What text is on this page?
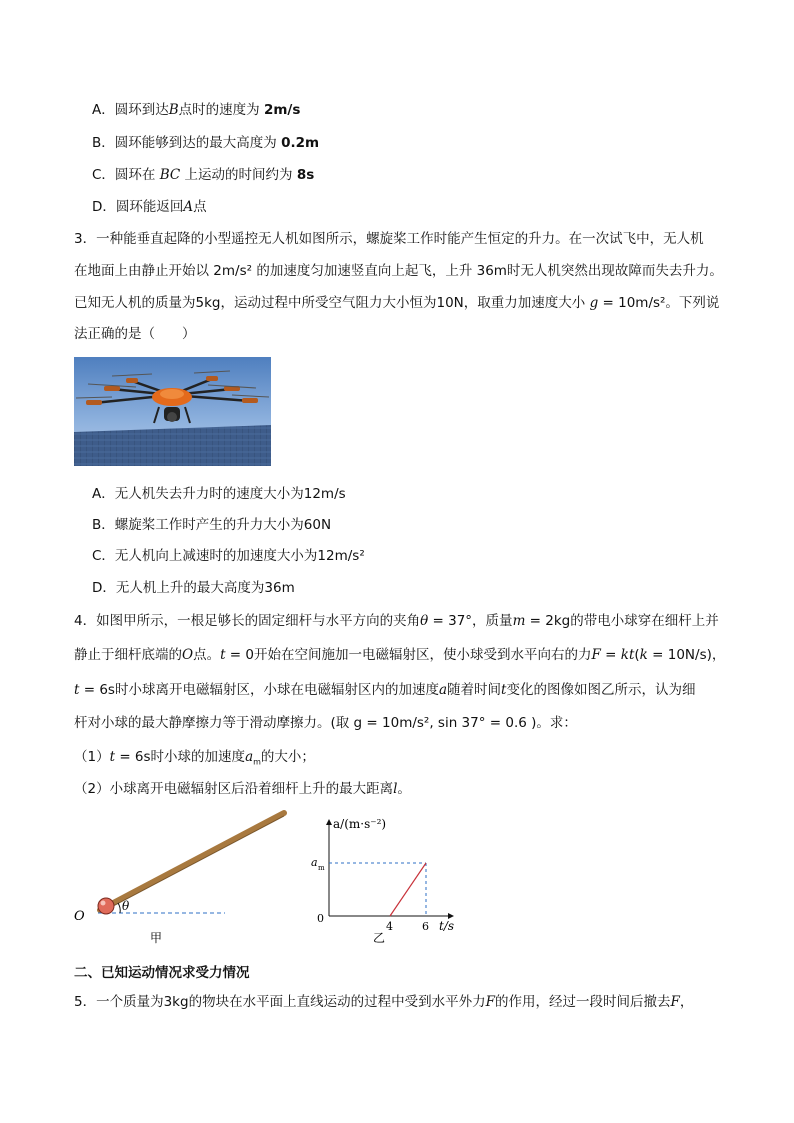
A．圆环到达B点时的速度为 2m/s
B．圆环能够到达的最大高度为 0.2m
C．圆环在 BC 上运动的时间约为 8s
D．圆环能返回A点
3．一种能垂直起降的小型遥控无人机如图所示，螺旋桨工作时能产生恒定的升力。在一次试飞中，无人机
在地面上由静止开始以 2m/s² 的加速度匀加速竖直向上起飞，上升 36m时无人机突然出现故障而失去升力。
已知无人机的质量为5kg，运动过程中所受空气阻力大小恒为10N，取重力加速度大小 g = 10m/s²。下列说
法正确的是（　　）
A．无人机失去升力时的速度大小为12m/s
B．螺旋桨工作时产生的升力大小为60N
C．无人机向上减速时的加速度大小为12m/s²
D．无人机上升的最大高度为36m
4．如图甲所示，一根足够长的固定细杆与水平方向的夹角θ = 37°，质量m = 2kg的带电小球穿在细杆上并
静止于细杆底端的O点。t = 0开始在空间施加一电磁辐射区，使小球受到水平向右的力F = kt(k = 10N/s)，
t = 6s时小球离开电磁辐射区，小球在电磁辐射区内的加速度a随着时间t变化的图像如图乙所示，认为细
杆对小球的最大静摩擦力等于滑动摩擦力。(取 g = 10m/s², sin 37° = 0.6 )。求：
（1）t = 6s时小球的加速度$a_m$的大小；
（2）小球离开电磁辐射区后沿着细杆上升的最大距离l。
θ
O
甲
a/(m·s⁻²)
a m
0
4	6 t/s
乙
二、已知运动情况求受力情况
5．一个质量为3kg的物块在水平面上直线运动的过程中受到水平外力F的作用，经过一段时间后撤去F，
